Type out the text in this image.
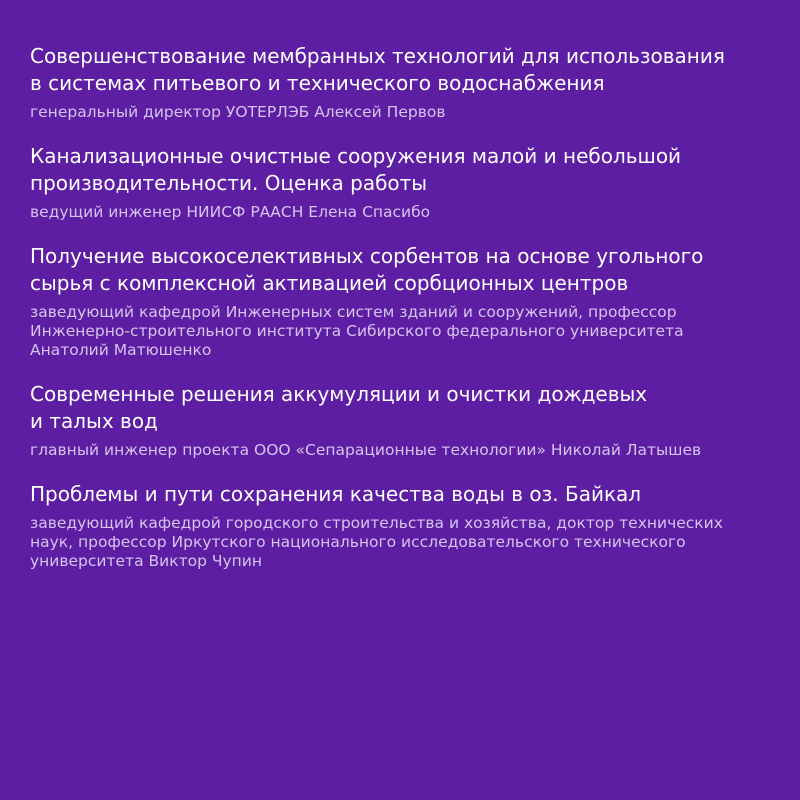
Совершенствование мембранных технологий для использования
в системах питьевого и технического водоснабжения

генеральный директор УОТЕРЛЭБ Алексей Первов

Канализационные очистные сооружения малой и небольшой
производительности. Оценка работы

ведущий инженер НИИСФ РААСН Елена Спасибо

Получение высокоселективных сорбентов на основе угольного
сырья с комплексной активацией сорбционных центров

заведующий кафедрой Инженерных систем зданий и сооружений, профессор
Инженерно-строительного института Сибирского федерального университета
Анатолий Матюшенко

Современные решения аккумуляции и очистки дождевых
и талых вод

главный инженер проекта ООО «Сепарационные технологии» Николай Латышев

Проблемы и пути сохранения качества воды в оз. Байкал

заведующий кафедрой городского строительства и хозяйства, доктор технических
наук, профессор Иркутского национального исследовательского технического
университета Виктор Чупин
